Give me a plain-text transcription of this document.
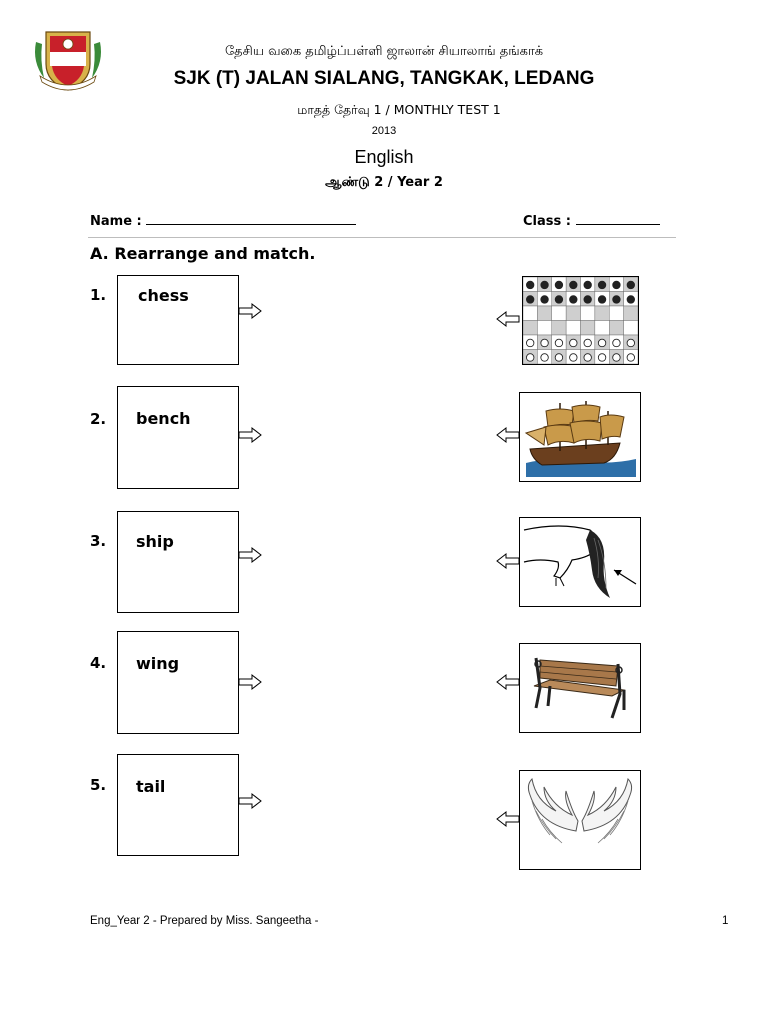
தேசிய வகை தமிழ்ப்பள்ளி ஜாலான் சியாலாங் தங்காக்
SJK (T) JALAN SIALANG, TANGKAK, LEDANG
மாதத் தேர்வு 1 / MONTHLY TEST 1
2013
English
ஆண்டு 2 / Year 2
Name :	Class :
A. Rearrange and match.
1. chess
2. bench
3. ship
4. wing
5. tail
Eng_Year 2 - Prepared by Miss. Sangeetha -	1
